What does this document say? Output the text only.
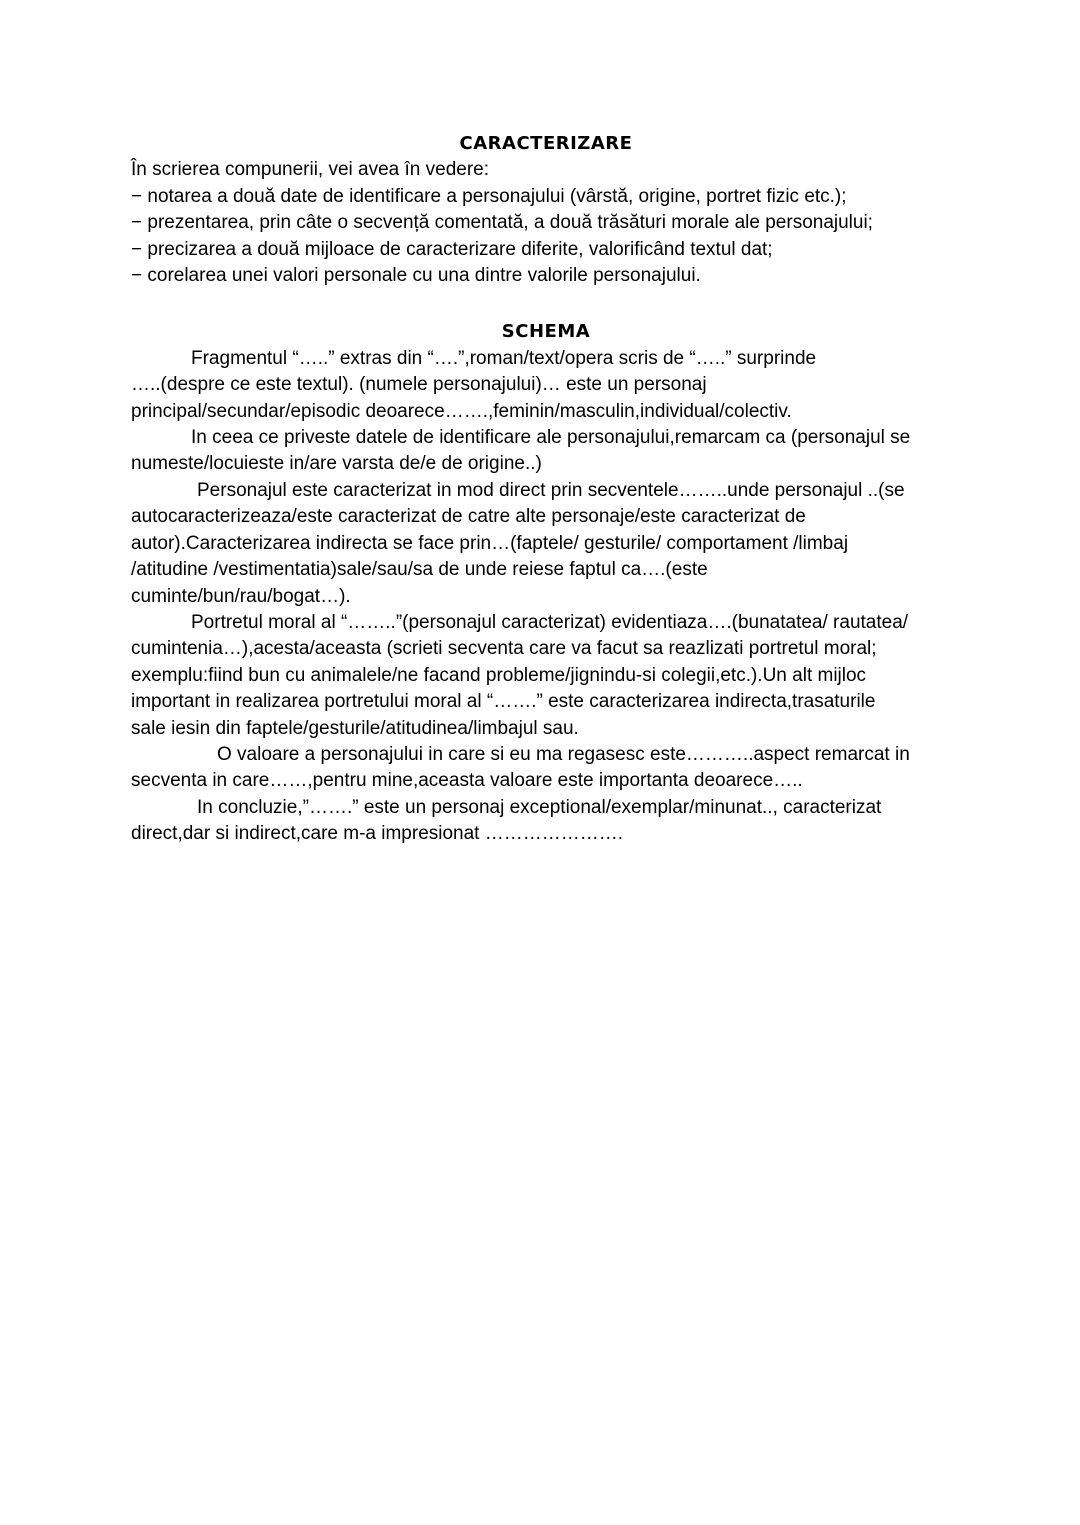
CARACTERIZARE
În scrierea compunerii, vei avea în vedere:
− notarea a două date de identificare a personajului (vârstă, origine, portret fizic etc.);
− prezentarea, prin câte o secvență comentată, a două trăsături morale ale personajului;
− precizarea a două mijloace de caracterizare diferite, valorificând textul dat;
− corelarea unei valori personale cu una dintre valorile personajului.
SCHEMA
Fragmentul “…..” extras din “….”,roman/text/opera scris de “…..” surprinde
…..(despre ce este textul). (numele personajului)… este un personaj
principal/secundar/episodic deoarece…….,feminin/masculin,individual/colectiv.
In ceea ce priveste datele de identificare ale personajului,remarcam ca (personajul se
numeste/locuieste in/are varsta de/e de origine..)
Personajul este caracterizat in mod direct prin secventele……..unde personajul ..(se
autocaracterizeaza/este caracterizat de catre alte personaje/este caracterizat de
autor).Caracterizarea indirecta se face prin…(faptele/ gesturile/ comportament /limbaj
/atitudine /vestimentatia)sale/sau/sa de unde reiese faptul ca….(este
cuminte/bun/rau/bogat…).
Portretul moral al “……..”(personajul caracterizat) evidentiaza….(bunatatea/ rautatea/
cumintenia…),acesta/aceasta (scrieti secventa care va facut sa reazlizati portretul moral;
exemplu:fiind bun cu animalele/ne facand probleme/jignindu-si colegii,etc.).Un alt mijloc
important in realizarea portretului moral al “…….” este caracterizarea indirecta,trasaturile
sale iesin din faptele/gesturile/atitudinea/limbajul sau.
O valoare a personajului in care si eu ma regasesc este………..aspect remarcat in
secventa in care……,pentru mine,aceasta valoare este importanta deoarece…..
In concluzie,”…….” este un personaj exceptional/exemplar/minunat.., caracterizat
direct,dar si indirect,care m-a impresionat ………………….
